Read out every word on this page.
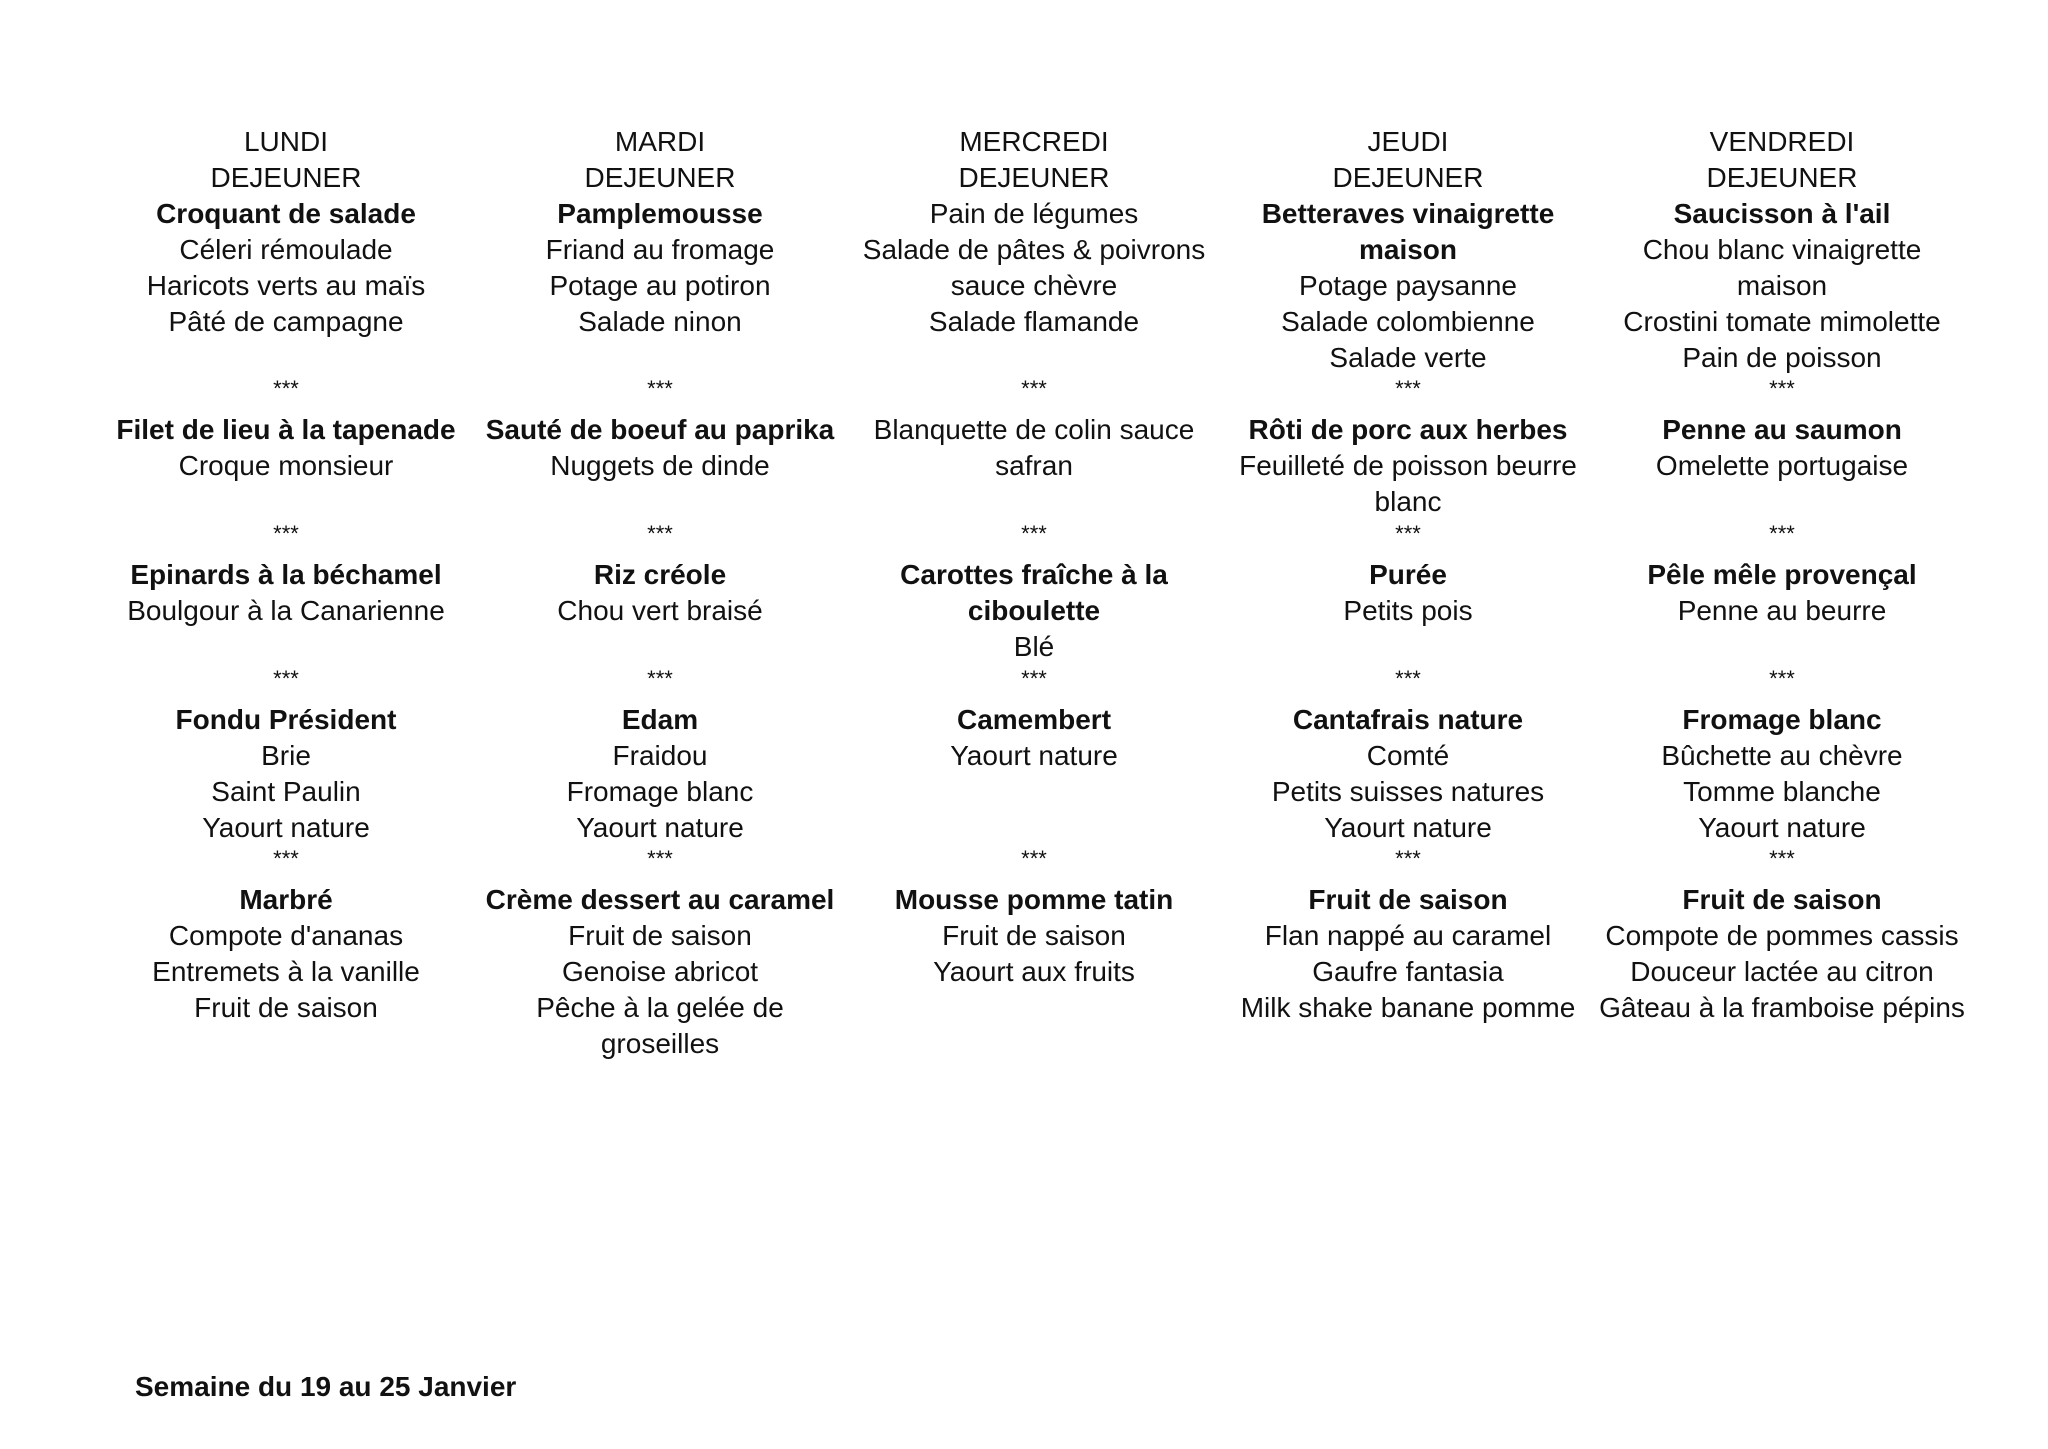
LUNDI
DEJEUNER
Croquant de salade
Céleri rémoulade
Haricots verts au maïs
Pâté de campagne
***
Filet de lieu à la tapenade
Croque monsieur
***
Epinards à la béchamel
Boulgour à la Canarienne
***
Fondu Président
Brie
Saint Paulin
Yaourt nature
***
Marbré
Compote d'ananas
Entremets à la vanille
Fruit de saison
MARDI
DEJEUNER
Pamplemousse
Friand au fromage
Potage au potiron
Salade ninon
***
Sauté de boeuf au paprika
Nuggets de dinde
***
Riz créole
Chou vert braisé
***
Edam
Fraidou
Fromage blanc
Yaourt nature
***
Crème dessert au caramel
Fruit de saison
Genoise abricot
Pêche à la gelée de groseilles
MERCREDI
DEJEUNER
Pain de légumes
Salade de pâtes & poivrons sauce chèvre
Salade flamande
***
Blanquette de colin sauce safran
***
Carottes fraîche à la ciboulette
Blé
***
Camembert
Yaourt nature
***
Mousse pomme tatin
Fruit de saison
Yaourt aux fruits
JEUDI
DEJEUNER
Betteraves vinaigrette maison
Potage paysanne
Salade colombienne
Salade verte
***
Rôti de porc aux herbes
Feuilleté de poisson beurre blanc
***
Purée
Petits pois
***
Cantafrais nature
Comté
Petits suisses natures
Yaourt nature
***
Fruit de saison
Flan nappé au caramel
Gaufre fantasia
Milk shake banane pomme
VENDREDI
DEJEUNER
Saucisson à l'ail
Chou blanc vinaigrette maison
Crostini tomate mimolette
Pain de poisson
***
Penne au saumon
Omelette portugaise
***
Pêle mêle provençal
Penne au beurre
***
Fromage blanc
Bûchette au chèvre
Tomme blanche
Yaourt nature
***
Fruit de saison
Compote de pommes cassis
Douceur lactée au citron
Gâteau à la framboise pépins
Semaine du 19 au 25 Janvier
